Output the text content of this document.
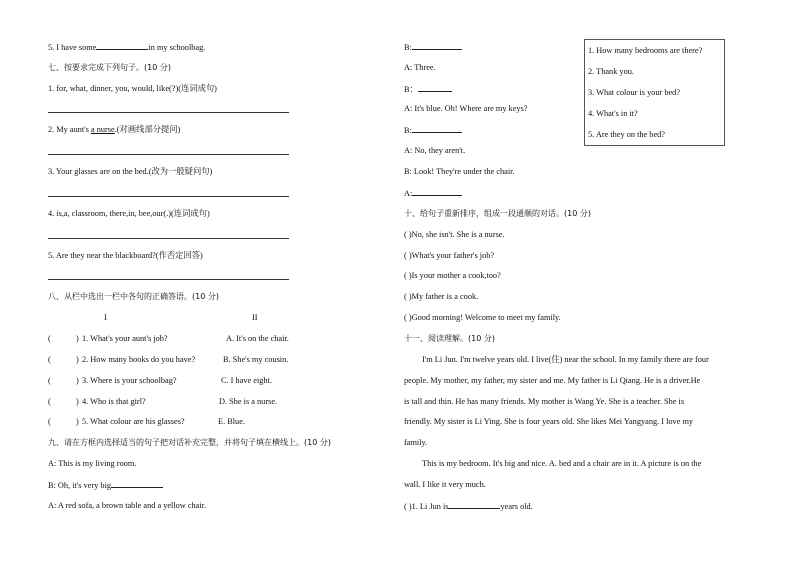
5. I have some	in my schoolbag.
七、按要求完成下列句子。(10 分)
1. for, what, dinner, you, would, like(?)(连词成句)
2. My aunt's a nurse.(对画线部分提问)
3. Your glasses are on the bed.(改为一般疑问句)
4. is,a, classroom, there,in, bee,our(.)(连词成句)
5. Are they near the blackboard?(作否定回答)
八、从栏中选出一栏中各句的正确答语。(10 分)
I	II
(	) 1. What's your aunt's job?	A. It's on the chair.
(	) 2. How many books do you have?	B. She's my cousin.
(	) 3. Where is your schoolbag?	C. I have eight.
(	) 4. Who is that girl?	D. She is a nurse.
(	) 5. What colour are his glasses?	E. Blue.
九、请在方框内选择适当的句子把对话补充完整，并将句子填在横线上。(10 分)
A: This is my living room.
B: Oh, it's very big
A: A red sofa, a brown table and a yellow chair.
B:
A: Three.
B：
A: It's blue. Oh! Where are my keys?
B:
A: No, they aren't.
B: Look! They're under the chair.
A:
1. How many bedrooms are there?
2. Thank you.
3. What colour is your bed?
4. What's in it?
5. Are they on the bed?
十、给句子重新排序，组成一段通顺的对话。(10 分)
( )No, she isn't. She is a nurse.
( )What's your father's job?
( )Is your mother a cook,too?
( )My father is a cook.
( )Good morning! Welcome to meet my family.
十一、阅读理解。(10 分)
I'm Li Jun. I'm twelve years old. I live(住) near the school. In my family there are four
people. My mother, my father, my sister and me. My father is Li Qiang. He is a driver.He
is tall and thin. He has many friends. My mother is Wang Ye. She is a teacher. She is
friendly. My sister is Li Ying. She is four years old. She likes Mei Yangyang. I love my
family.
This is my bedroom. It's big and nice. A. bed and a chair are in it. A picture is on the
wall. I like it very much.
( )1. Li Jun is	years old.
